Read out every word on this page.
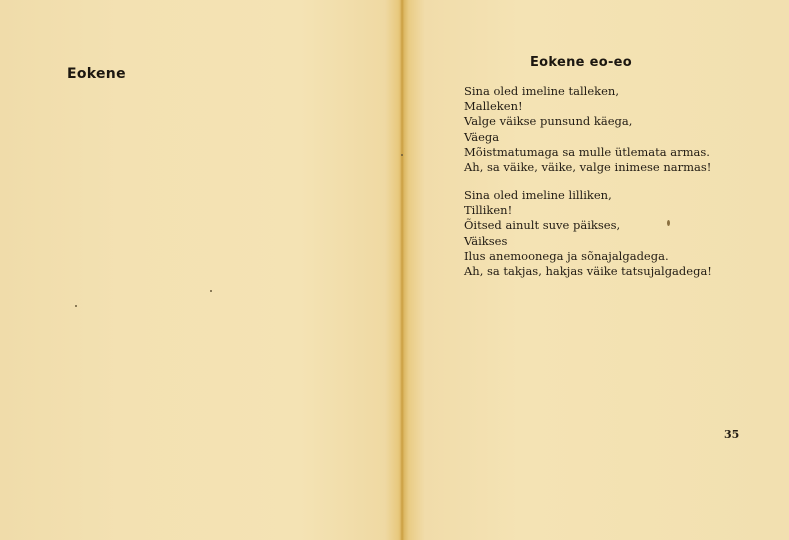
Eokene
Eokene eo-eo
Sina oled imeline talleken,
Malleken!
Valge väikse punsund käega,
Väega
Mõistmatumaga sa mulle ütlemata armas.
Ah, sa väike, väike, valge inimese narmas!
Sina oled imeline lilliken,
Tilliken!
Õitsed ainult suve päikses,
Väikses
Ilus anemoonega ja sõnajalgadega.
Ah, sa takjas, hakjas väike tatsujalgadega!
35
